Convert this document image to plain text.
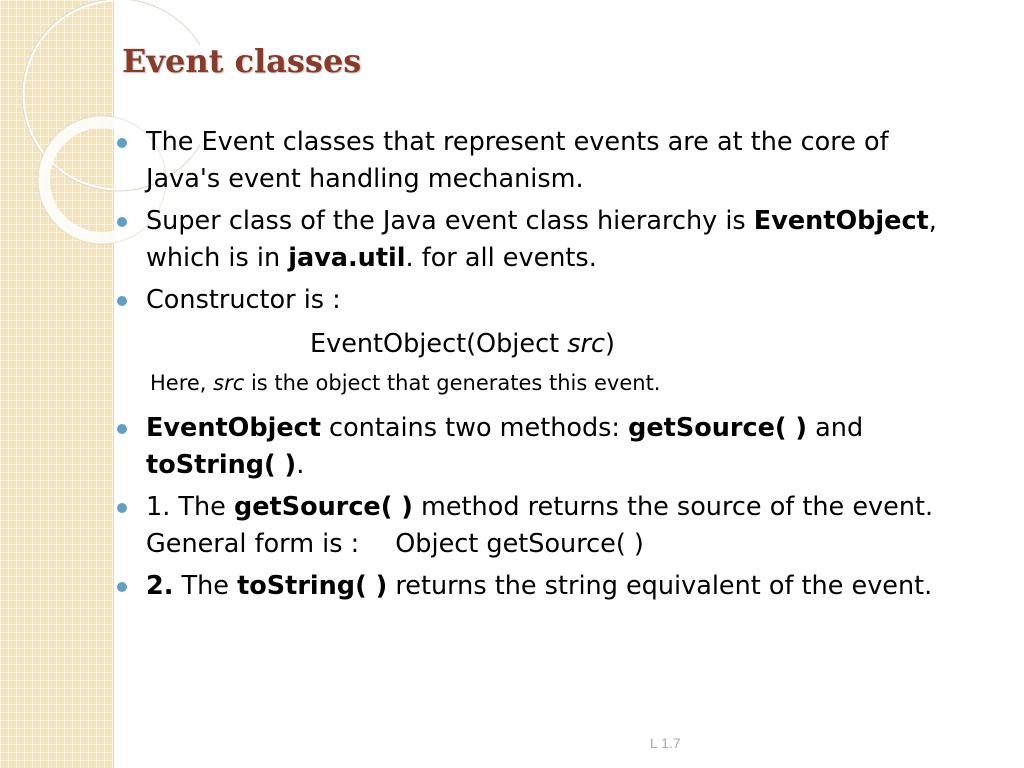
Event classes
The Event classes that represent events are at the core of
Java's event handling mechanism.
Super class of the Java event class hierarchy is EventObject,
which is in java.util. for all events.
Constructor is :
EventObject(Object src)
Here, src is the object that generates this event.
EventObject contains two methods: getSource( ) and
toString( ).
1. The getSource( ) method returns the source of the event.
General form is : Object getSource( )
2. The toString( ) returns the string equivalent of the event.
L 1.7
